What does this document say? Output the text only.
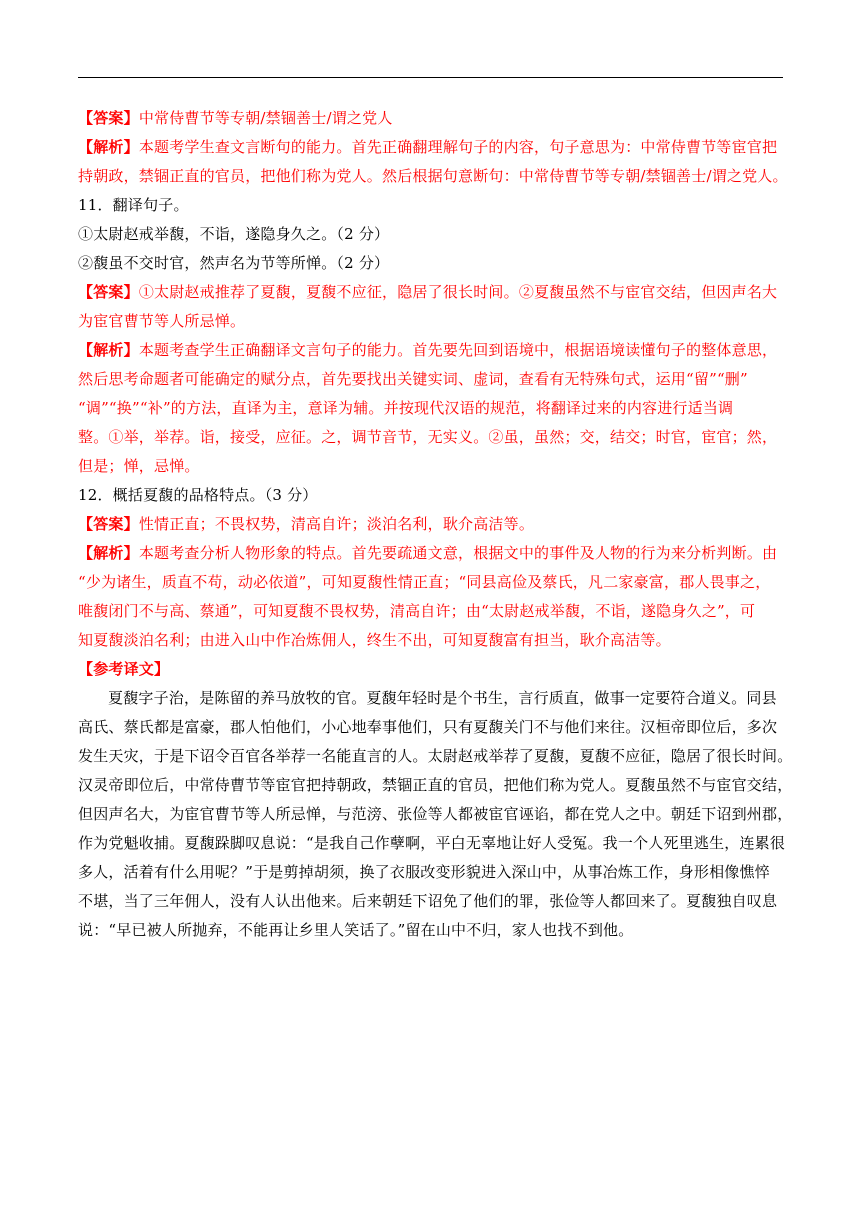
【答案】中常侍曹节等专朝/禁锢善士/谓之党人
【解析】本题考学生查文言断句的能力。首先正确翻理解句子的内容，句子意思为：中常侍曹节等宦官把
持朝政，禁锢正直的官员，把他们称为党人。然后根据句意断句：中常侍曹节等专朝/禁锢善士/谓之党人。
11．翻译句子。
①太尉赵戒举馥，不诣，遂隐身久之。（2 分）
②馥虽不交时官，然声名为节等所惮。（2 分）
【答案】①太尉赵戒推荐了夏馥，夏馥不应征，隐居了很长时间。②夏馥虽然不与宦官交结，但因声名大
为宦官曹节等人所忌惮。
【解析】本题考查学生正确翻译文言句子的能力。首先要先回到语境中，根据语境读懂句子的整体意思，
然后思考命题者可能确定的赋分点，首先要找出关键实词、虚词，查看有无特殊句式，运用“留”“删”
“调”“换”“补”的方法，直译为主，意译为辅。并按现代汉语的规范，将翻译过来的内容进行适当调
整。①举，举荐。诣，接受，应征。之，调节音节，无实义。②虽，虽然；交，结交；时官，宦官；然，
但是；惮，忌惮。
12．概括夏馥的品格特点。（3 分）
【答案】性情正直；不畏权势，清高自许；淡泊名利，耿介高洁等。
【解析】本题考查分析人物形象的特点。首先要疏通文意，根据文中的事件及人物的行为来分析判断。由
“少为诸生，质直不苟，动必依道”，可知夏馥性情正直；“同县高俭及蔡氏，凡二家豪富，郡人畏事之，
唯馥闭门不与高、蔡通”，可知夏馥不畏权势，清高自许；由“太尉赵戒举馥，不诣，遂隐身久之”，可
知夏馥淡泊名利；由进入山中作冶炼佣人，终生不出，可知夏馥富有担当，耿介高洁等。
【参考译文】
夏馥字子治，是陈留的养马放牧的官。夏馥年轻时是个书生，言行质直，做事一定要符合道义。同县
高氏、蔡氏都是富豪，郡人怕他们，小心地奉事他们，只有夏馥关门不与他们来往。汉桓帝即位后，多次
发生天灾，于是下诏令百官各举荐一名能直言的人。太尉赵戒举荐了夏馥，夏馥不应征，隐居了很长时间。
汉灵帝即位后，中常侍曹节等宦官把持朝政，禁锢正直的官员，把他们称为党人。夏馥虽然不与宦官交结，
但因声名大，为宦官曹节等人所忌惮，与范滂、张俭等人都被宦官诬谄，都在党人之中。朝廷下诏到州郡，
作为党魁收捕。夏馥跺脚叹息说：“是我自己作孽啊，平白无辜地让好人受冤。我一个人死里逃生，连累很
多人，活着有什么用呢？”于是剪掉胡须，换了衣服改变形貌进入深山中，从事冶炼工作，身形相像憔悴
不堪，当了三年佣人，没有人认出他来。后来朝廷下诏免了他们的罪，张俭等人都回来了。夏馥独自叹息
说：“早已被人所抛弃，不能再让乡里人笑话了。”留在山中不归，家人也找不到他。
